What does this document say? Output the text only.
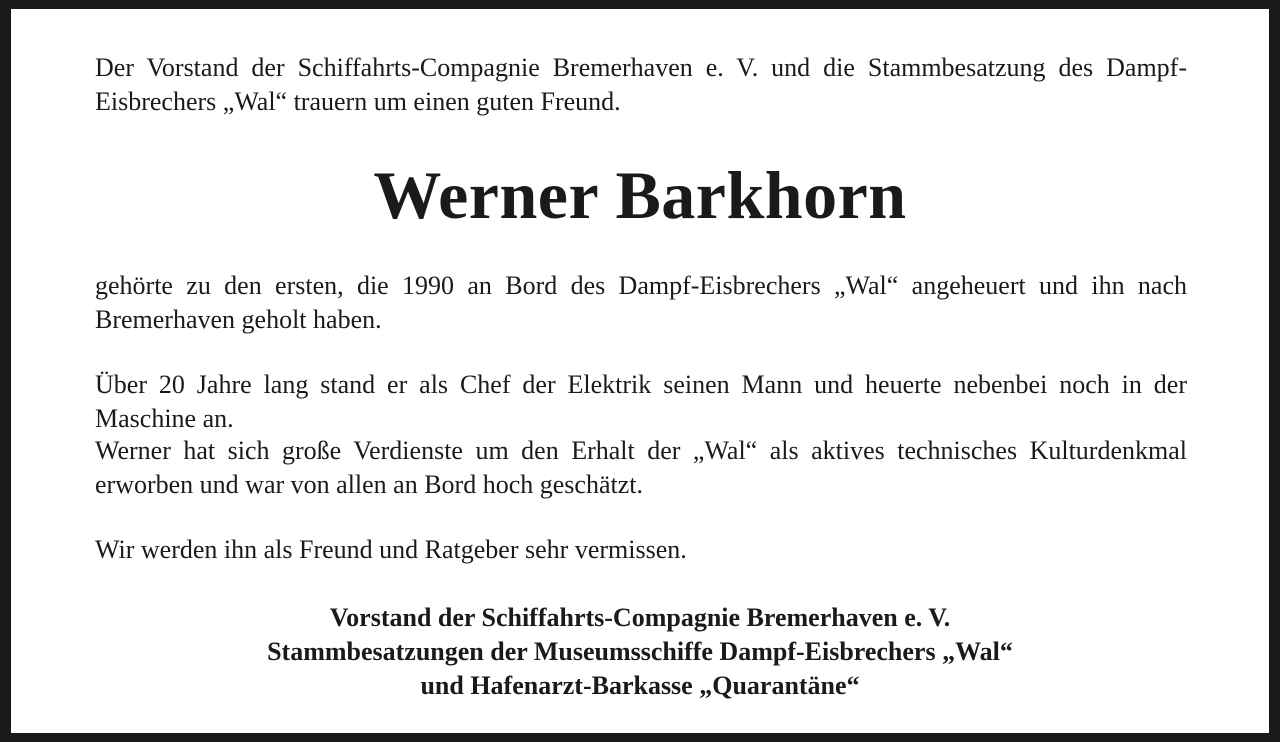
Der Vorstand der Schiffahrts-Compagnie Bremerhaven e. V. und die Stammbesatzung des Dampf-Eisbrechers „Wal“ trauern um einen guten Freund.

Werner Barkhorn

gehörte zu den ersten, die 1990 an Bord des Dampf-Eisbrechers „Wal“ angeheuert und ihn nach Bremerhaven geholt haben.

Über 20 Jahre lang stand er als Chef der Elektrik seinen Mann und heuerte nebenbei noch in der Maschine an.

Werner hat sich große Verdienste um den Erhalt der „Wal“ als aktives technisches Kulturdenkmal erworben und war von allen an Bord hoch geschätzt.

Wir werden ihn als Freund und Ratgeber sehr vermissen.

Vorstand der Schiffahrts-Compagnie Bremerhaven e. V.
Stammbesatzungen der Museumsschiffe Dampf-Eisbrechers „Wal“
und Hafenarzt-Barkasse „Quarantäne“
